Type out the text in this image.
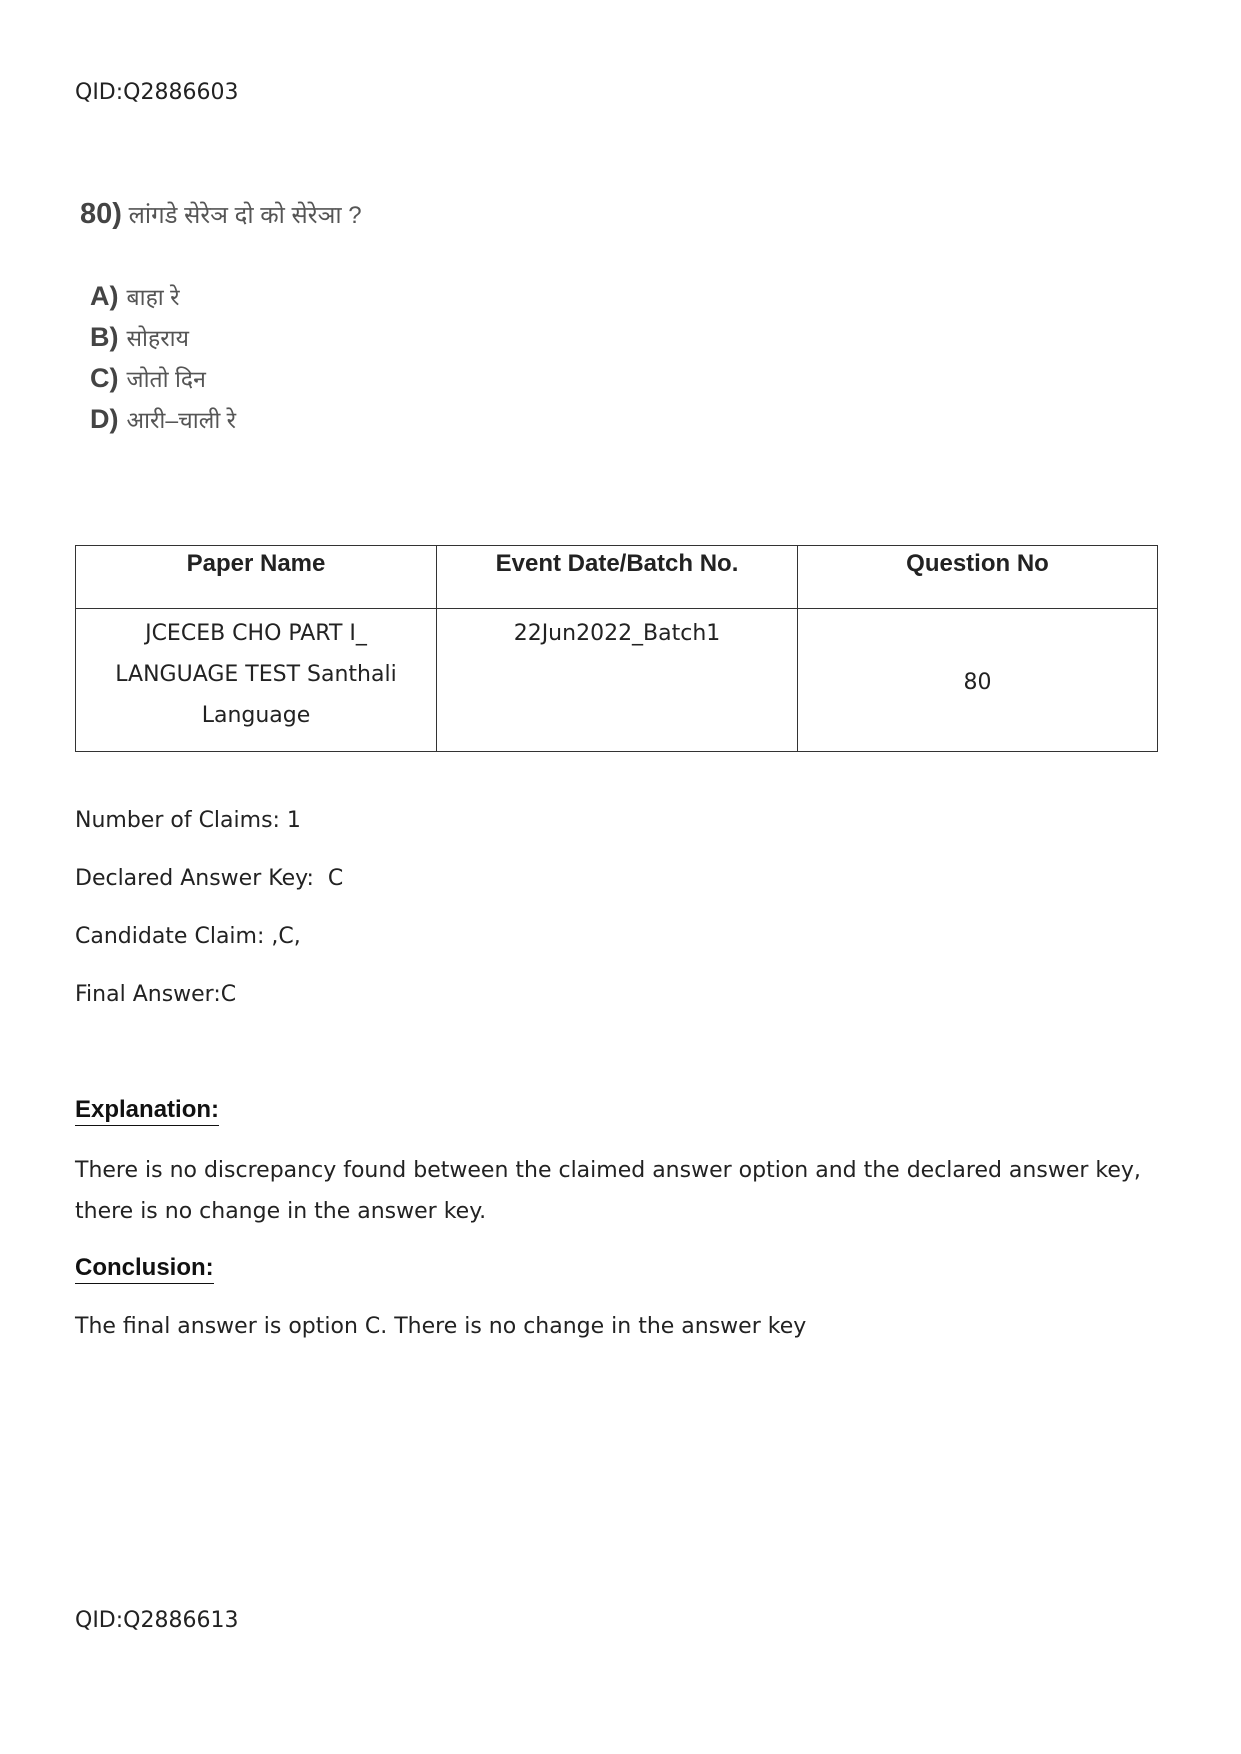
QID:Q2886603
80) लांगडे सेरेञ दो को सेरेञा ?
A) बाहा रे
B) सोहराय
C) जोतो दिन
D) आरी–चाली रे
Paper Name	Event Date/Batch No.	Question No
JCECEB CHO PART I_ LANGUAGE TEST Santhali Language	22Jun2022_Batch1	80
Number of Claims: 1
Declared Answer Key:  C
Candidate Claim: ,C,
Final Answer:C
Explanation:
There is no discrepancy found between the claimed answer option and the declared answer key, there is no change in the answer key.
Conclusion:
The final answer is option C. There is no change in the answer key
QID:Q2886613
